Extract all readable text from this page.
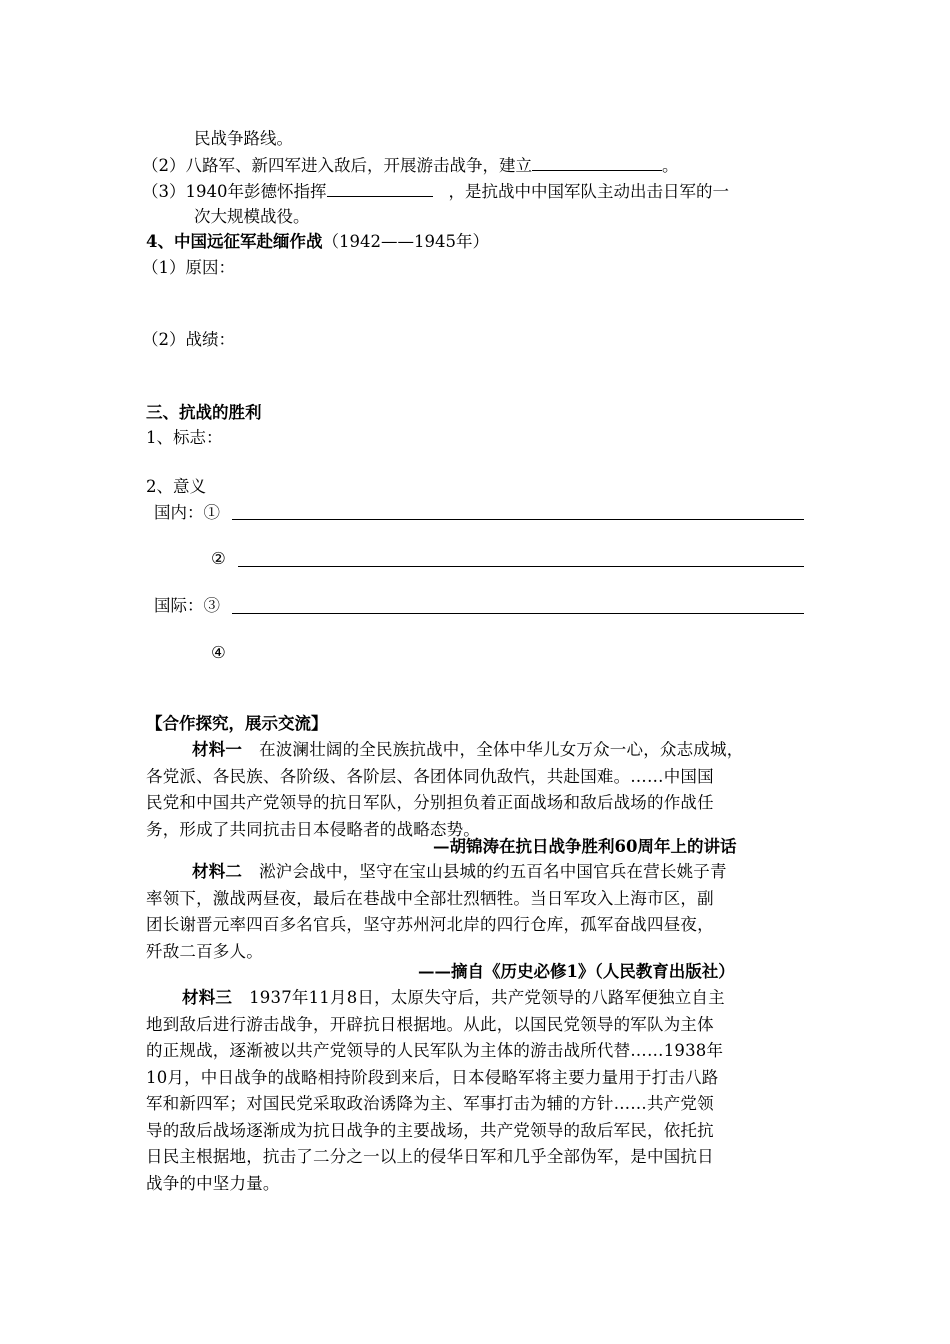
民战争路线。
（2）八路军、新四军进入敌后，开展游击战争，建立	。
（3）1940年彭德怀指挥	，是抗战中中国军队主动出击日军的一
次大规模战役。
4、中国远征军赴缅作战（1942——1945年）
（1）原因：
（2）战绩：
三、抗战的胜利
1、标志：
2、意义
国内：①
②
国际：③
④
【合作探究，展示交流】
材料一 在波澜壮阔的全民族抗战中，全体中华儿女万众一心，众志成城，
各党派、各民族、各阶级、各阶层、各团体同仇敌忾，共赴国难。……中国国
民党和中国共产党领导的抗日军队，分别担负着正面战场和敌后战场的作战任
务，形成了共同抗击日本侵略者的战略态势。
—胡锦涛在抗日战争胜利60周年上的讲话
材料二 淞沪会战中，坚守在宝山县城的约五百名中国官兵在营长姚子青
率领下，激战两昼夜，最后在巷战中全部壮烈牺牲。当日军攻入上海市区，副
团长谢晋元率四百多名官兵，坚守苏州河北岸的四行仓库，孤军奋战四昼夜，
歼敌二百多人。
——摘自《历史必修1》（人民教育出版社）
材料三 1937年11月8日，太原失守后，共产党领导的八路军便独立自主
地到敌后进行游击战争，开辟抗日根据地。从此，以国民党领导的军队为主体
的正规战，逐渐被以共产党领导的人民军队为主体的游击战所代替……1938年
10月，中日战争的战略相持阶段到来后，日本侵略军将主要力量用于打击八路
军和新四军；对国民党采取政治诱降为主、军事打击为辅的方针……共产党领
导的敌后战场逐渐成为抗日战争的主要战场，共产党领导的敌后军民，依托抗
日民主根据地，抗击了二分之一以上的侵华日军和几乎全部伪军，是中国抗日
战争的中坚力量。
